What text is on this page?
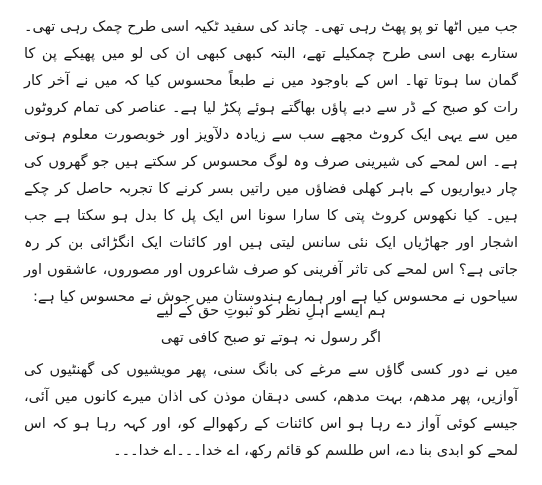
جب میں اٹھا تو پو پھٹ رہی تھی۔ چاند کی سفید ٹکیہ اسی طرح چمک رہی تھی۔ ستارے بھی اسی طرح چمکیلے تھے، البتہ کبھی کبھی ان کی لو میں پھیکے پن کا گمان سا ہوتا تھا۔ اس کے باوجود میں نے طبعاً محسوس کیا کہ میں نے آخر کار رات کو صبح کے ڈر سے دبے پاؤں بھاگتے ہوئے پکڑ لیا ہے۔ عناصر کی تمام کروٹوں میں سے یہی ایک کروٹ مجھے سب سے زیادہ دلآویز اور خوبصورت معلوم ہوتی ہے۔ اس لمحے کی شیرینی صرف وہ لوگ محسوس کر سکتے ہیں جو گھروں کی چار دیواریوں کے باہر کھلی فضاؤں میں راتیں بسر کرنے کا تجربہ حاصل کر چکے ہیں۔ کیا نکھوس کروٹ پتی کا سارا سونا اس ایک پل کا بدل ہو سکتا ہے جب اشجار اور جھاڑیاں ایک نئی سانس لیتی ہیں اور کائنات ایک انگڑائی بن کر رہ جاتی ہے؟ اس لمحے کی تاثر آفرینی کو صرف شاعروں اور مصوروں، عاشقوں اور سیاحوں نے محسوس کیا ہے اور ہمارے ہندوستان میں جوش نے محسوس کیا ہے:
ہم ایسے اہلِ نظر کو ثبوتِ حق کے لیے
اگر رسول نہ ہوتے تو صبح کافی تھی
میں نے دور کسی گاؤں سے مرغے کی بانگ سنی، پھر مویشیوں کی گھنٹیوں کی آوازیں، پھر مدھم، بہت مدھم، کسی دہقان موذن کی اذان میرے کانوں میں آئی، جیسے کوئی آواز دے رہا ہو اس کائنات کے رکھوالے کو، اور کہہ رہا ہو کہ اس لمحے کو ابدی بنا دے، اس طلسم کو قائم رکھ، اے خدا۔۔۔اے خدا۔۔۔
